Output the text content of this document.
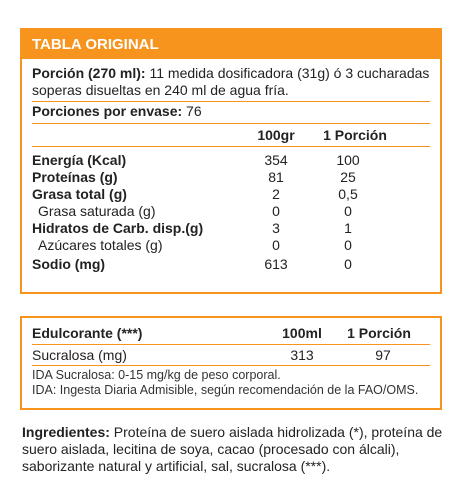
TABLA ORIGINAL
Porción (270 ml): 11 medida dosificadora (31g) ó 3 cucharadas soperas disueltas en 240 ml de agua fría.
Porciones por envase: 76
100gr	1 Porción
Energía (Kcal)	354	100
Proteínas (g)	81	25
Grasa total (g)	2	0,5
Grasa saturada (g)	0	0
Hidratos de Carb. disp.(g)	3	1
Azúcares totales (g)	0	0
Sodio (mg)	613	0
Edulcorante (***)	100ml	1 Porción
Sucralosa (mg)	313	97
IDA Sucralosa: 0-15 mg/kg de peso corporal.
IDA: Ingesta Diaria Admisible, según recomendación de la FAO/OMS.
Ingredientes: Proteína de suero aislada hidrolizada (*), proteína de suero aislada, lecitina de soya, cacao (procesado con álcali), saborizante natural y artificial, sal, sucralosa (***).
